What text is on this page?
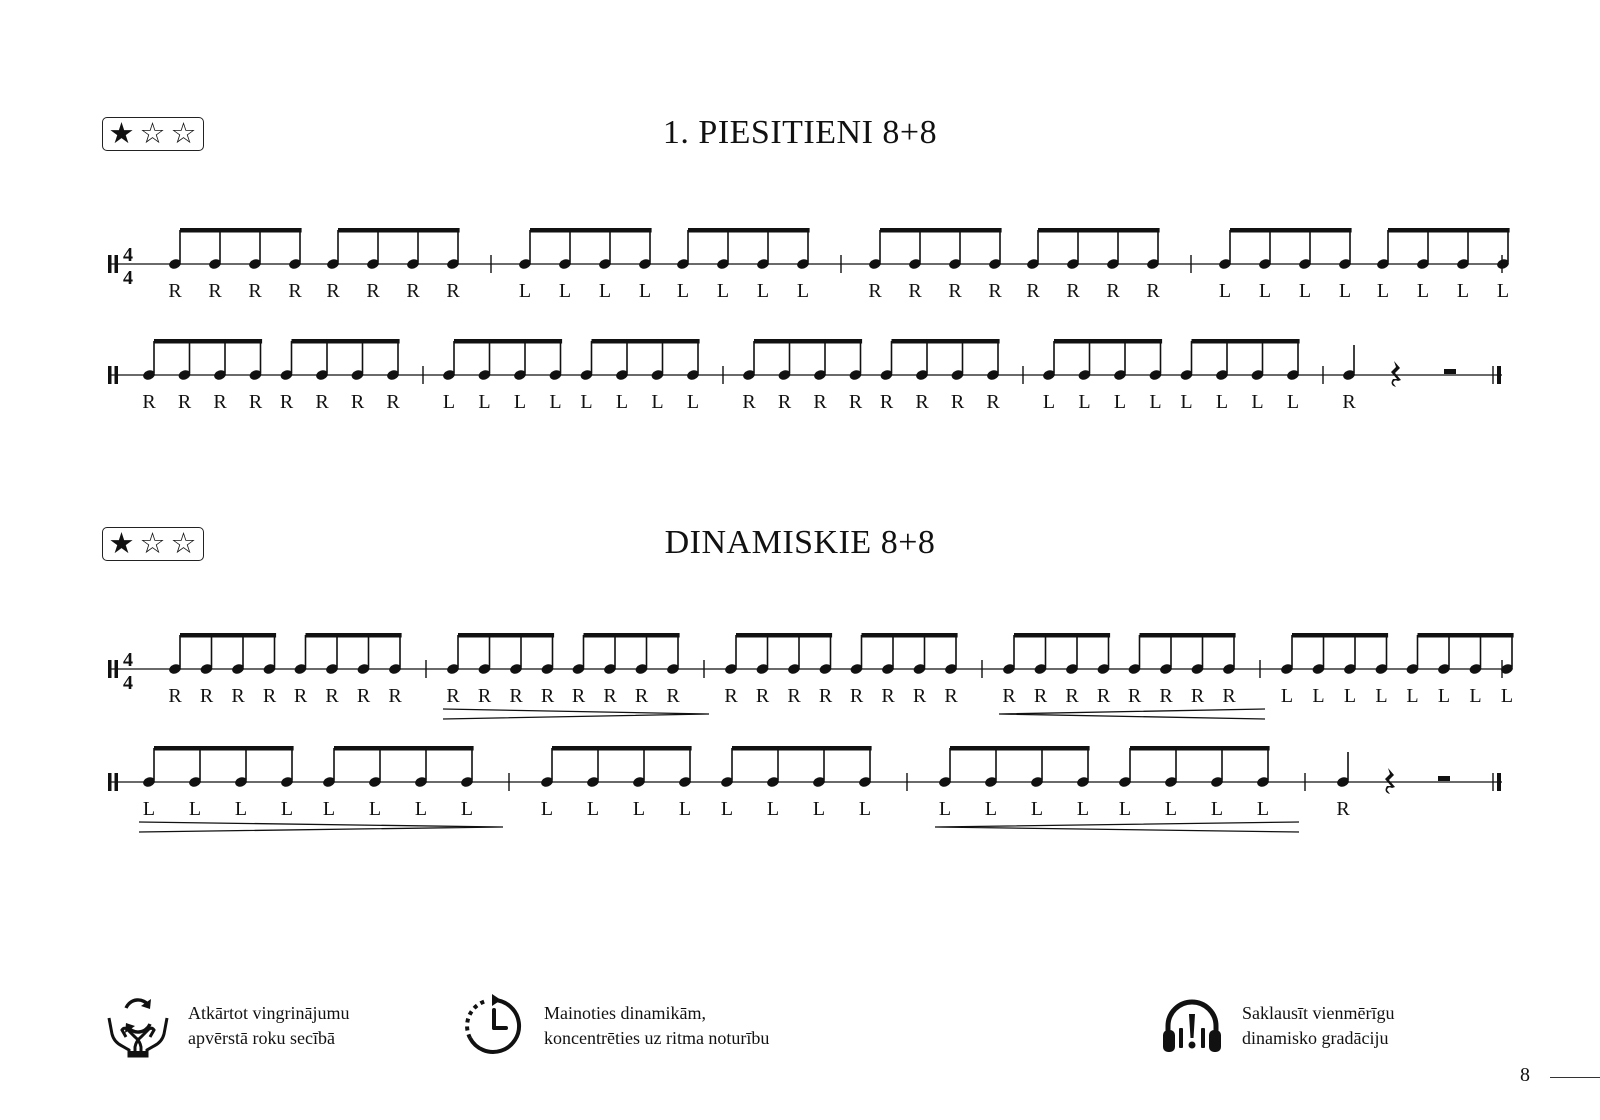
★ ☆ ☆	1. PIESITIENI 8+8
★ ☆ ☆	DINAMISKIE 8+8
4
4
R R R R R R R R	L L L L L L L L	R R R R R R R R	L L L L L L L L
R R R R R R R R L L L L L L L L R R R R R R R R L L L L L L L L R
4
4
R R R R R R R R R R R R R R R R R R R R R R R R R R R R R R R R L L L L L L L L
L L L L L L L L	L L L L L L L L	L L L L L L L L	R
Atkārtot vingrinājumu
apvērstā roku secībā
Mainoties dinamikām,
koncentrēties uz ritma noturību
Saklausīt vienmērīgu
dinamisko gradāciju
8
